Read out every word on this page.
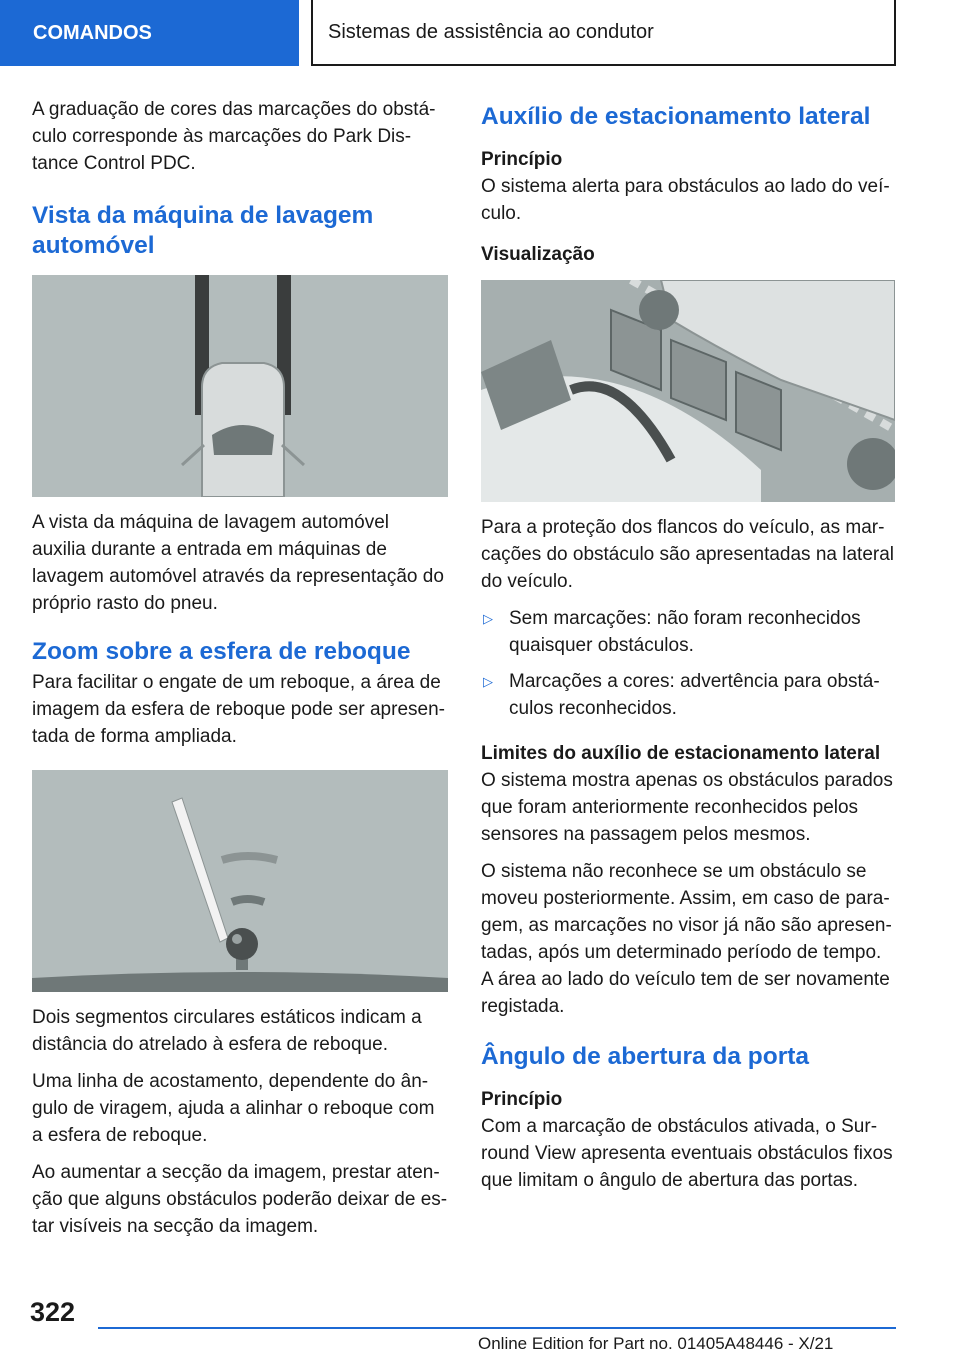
COMANDOS	Sistemas de assistência ao condutor

A graduação de cores das marcações do obstáculo corresponde às marcações do Park Distance Control PDC.

Vista da máquina de lavagem automóvel

A vista da máquina de lavagem automóvel auxilia durante a entrada em máquinas de lavagem automóvel através da representação do próprio rasto do pneu.

Zoom sobre a esfera de reboque

Para facilitar o engate de um reboque, a área de imagem da esfera de reboque pode ser apresentada de forma ampliada.

Dois segmentos circulares estáticos indicam a distância do atrelado à esfera de reboque.

Uma linha de acostamento, dependente do ângulo de viragem, ajuda a alinhar o reboque com a esfera de reboque.

Ao aumentar a secção da imagem, prestar atenção que alguns obstáculos poderão deixar de estar visíveis na secção da imagem.

Auxílio de estacionamento lateral
Princípio

O sistema alerta para obstáculos ao lado do veículo.

Visualização

Para a proteção dos flancos do veículo, as marcações do obstáculo são apresentadas na lateral do veículo.

▷ Sem marcações: não foram reconhecidos quaisquer obstáculos.
▷ Marcações a cores: advertência para obstáculos reconhecidos.
Limites do auxílio de estacionamento lateral

O sistema mostra apenas os obstáculos parados que foram anteriormente reconhecidos pelos sensores na passagem pelos mesmos.

O sistema não reconhece se um obstáculo se moveu posteriormente. Assim, em caso de paragem, as marcações no visor já não são apresentadas, após um determinado período de tempo. A área ao lado do veículo tem de ser novamente registada.

Ângulo de abertura da porta
Princípio

Com a marcação de obstáculos ativada, o Surround View apresenta eventuais obstáculos fixos que limitam o ângulo de abertura das portas.

322
Online Edition for Part no. 01405A48446 - X/21
